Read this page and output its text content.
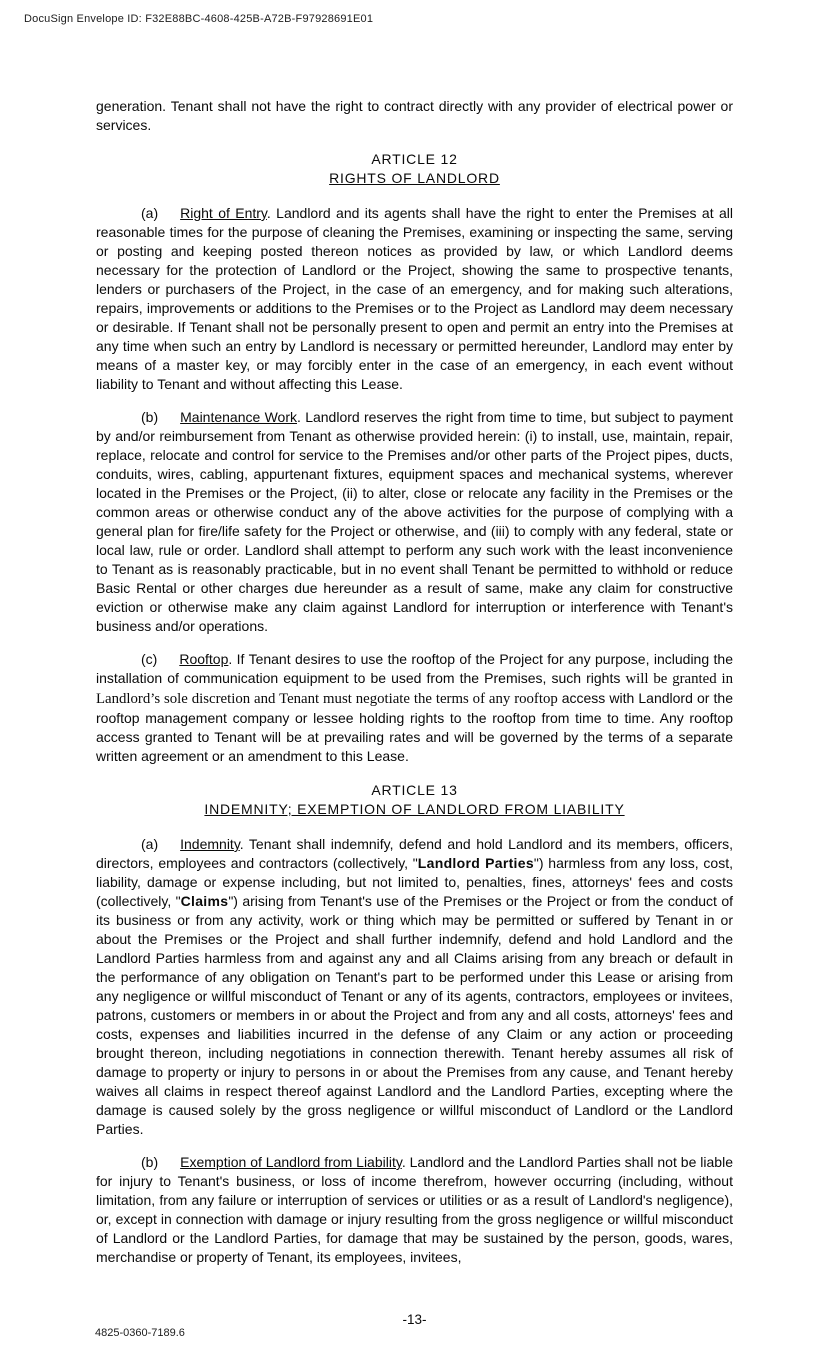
DocuSign Envelope ID: F32E88BC-4608-425B-A72B-F97928691E01

generation. Tenant shall not have the right to contract directly with any provider of electrical power or services.

ARTICLE 12
RIGHTS OF LANDLORD

(a) Right of Entry. Landlord and its agents shall have the right to enter the Premises at all reasonable times for the purpose of cleaning the Premises, examining or inspecting the same, serving or posting and keeping posted thereon notices as provided by law, or which Landlord deems necessary for the protection of Landlord or the Project, showing the same to prospective tenants, lenders or purchasers of the Project, in the case of an emergency, and for making such alterations, repairs, improvements or additions to the Premises or to the Project as Landlord may deem necessary or desirable. If Tenant shall not be personally present to open and permit an entry into the Premises at any time when such an entry by Landlord is necessary or permitted hereunder, Landlord may enter by means of a master key, or may forcibly enter in the case of an emergency, in each event without liability to Tenant and without affecting this Lease.

(b) Maintenance Work. Landlord reserves the right from time to time, but subject to payment by and/or reimbursement from Tenant as otherwise provided herein: (i) to install, use, maintain, repair, replace, relocate and control for service to the Premises and/or other parts of the Project pipes, ducts, conduits, wires, cabling, appurtenant fixtures, equipment spaces and mechanical systems, wherever located in the Premises or the Project, (ii) to alter, close or relocate any facility in the Premises or the common areas or otherwise conduct any of the above activities for the purpose of complying with a general plan for fire/life safety for the Project or otherwise, and (iii) to comply with any federal, state or local law, rule or order. Landlord shall attempt to perform any such work with the least inconvenience to Tenant as is reasonably practicable, but in no event shall Tenant be permitted to withhold or reduce Basic Rental or other charges due hereunder as a result of same, make any claim for constructive eviction or otherwise make any claim against Landlord for interruption or interference with Tenant's business and/or operations.

(c) Rooftop. If Tenant desires to use the rooftop of the Project for any purpose, including the installation of communication equipment to be used from the Premises, such rights will be granted in Landlord’s sole discretion and Tenant must negotiate the terms of any rooftop access with Landlord or the rooftop management company or lessee holding rights to the rooftop from time to time. Any rooftop access granted to Tenant will be at prevailing rates and will be governed by the terms of a separate written agreement or an amendment to this Lease.

ARTICLE 13
INDEMNITY; EXEMPTION OF LANDLORD FROM LIABILITY

(a) Indemnity. Tenant shall indemnify, defend and hold Landlord and its members, officers, directors, employees and contractors (collectively, "Landlord Parties") harmless from any loss, cost, liability, damage or expense including, but not limited to, penalties, fines, attorneys' fees and costs (collectively, "Claims") arising from Tenant's use of the Premises or the Project or from the conduct of its business or from any activity, work or thing which may be permitted or suffered by Tenant in or about the Premises or the Project and shall further indemnify, defend and hold Landlord and the Landlord Parties harmless from and against any and all Claims arising from any breach or default in the performance of any obligation on Tenant's part to be performed under this Lease or arising from any negligence or willful misconduct of Tenant or any of its agents, contractors, employees or invitees, patrons, customers or members in or about the Project and from any and all costs, attorneys' fees and costs, expenses and liabilities incurred in the defense of any Claim or any action or proceeding brought thereon, including negotiations in connection therewith. Tenant hereby assumes all risk of damage to property or injury to persons in or about the Premises from any cause, and Tenant hereby waives all claims in respect thereof against Landlord and the Landlord Parties, excepting where the damage is caused solely by the gross negligence or willful misconduct of Landlord or the Landlord Parties.

(b) Exemption of Landlord from Liability. Landlord and the Landlord Parties shall not be liable for injury to Tenant's business, or loss of income therefrom, however occurring (including, without limitation, from any failure or interruption of services or utilities or as a result of Landlord's negligence), or, except in connection with damage or injury resulting from the gross negligence or willful misconduct of Landlord or the Landlord Parties, for damage that may be sustained by the person, goods, wares, merchandise or property of Tenant, its employees, invitees,

-13-
4825-0360-7189.6
